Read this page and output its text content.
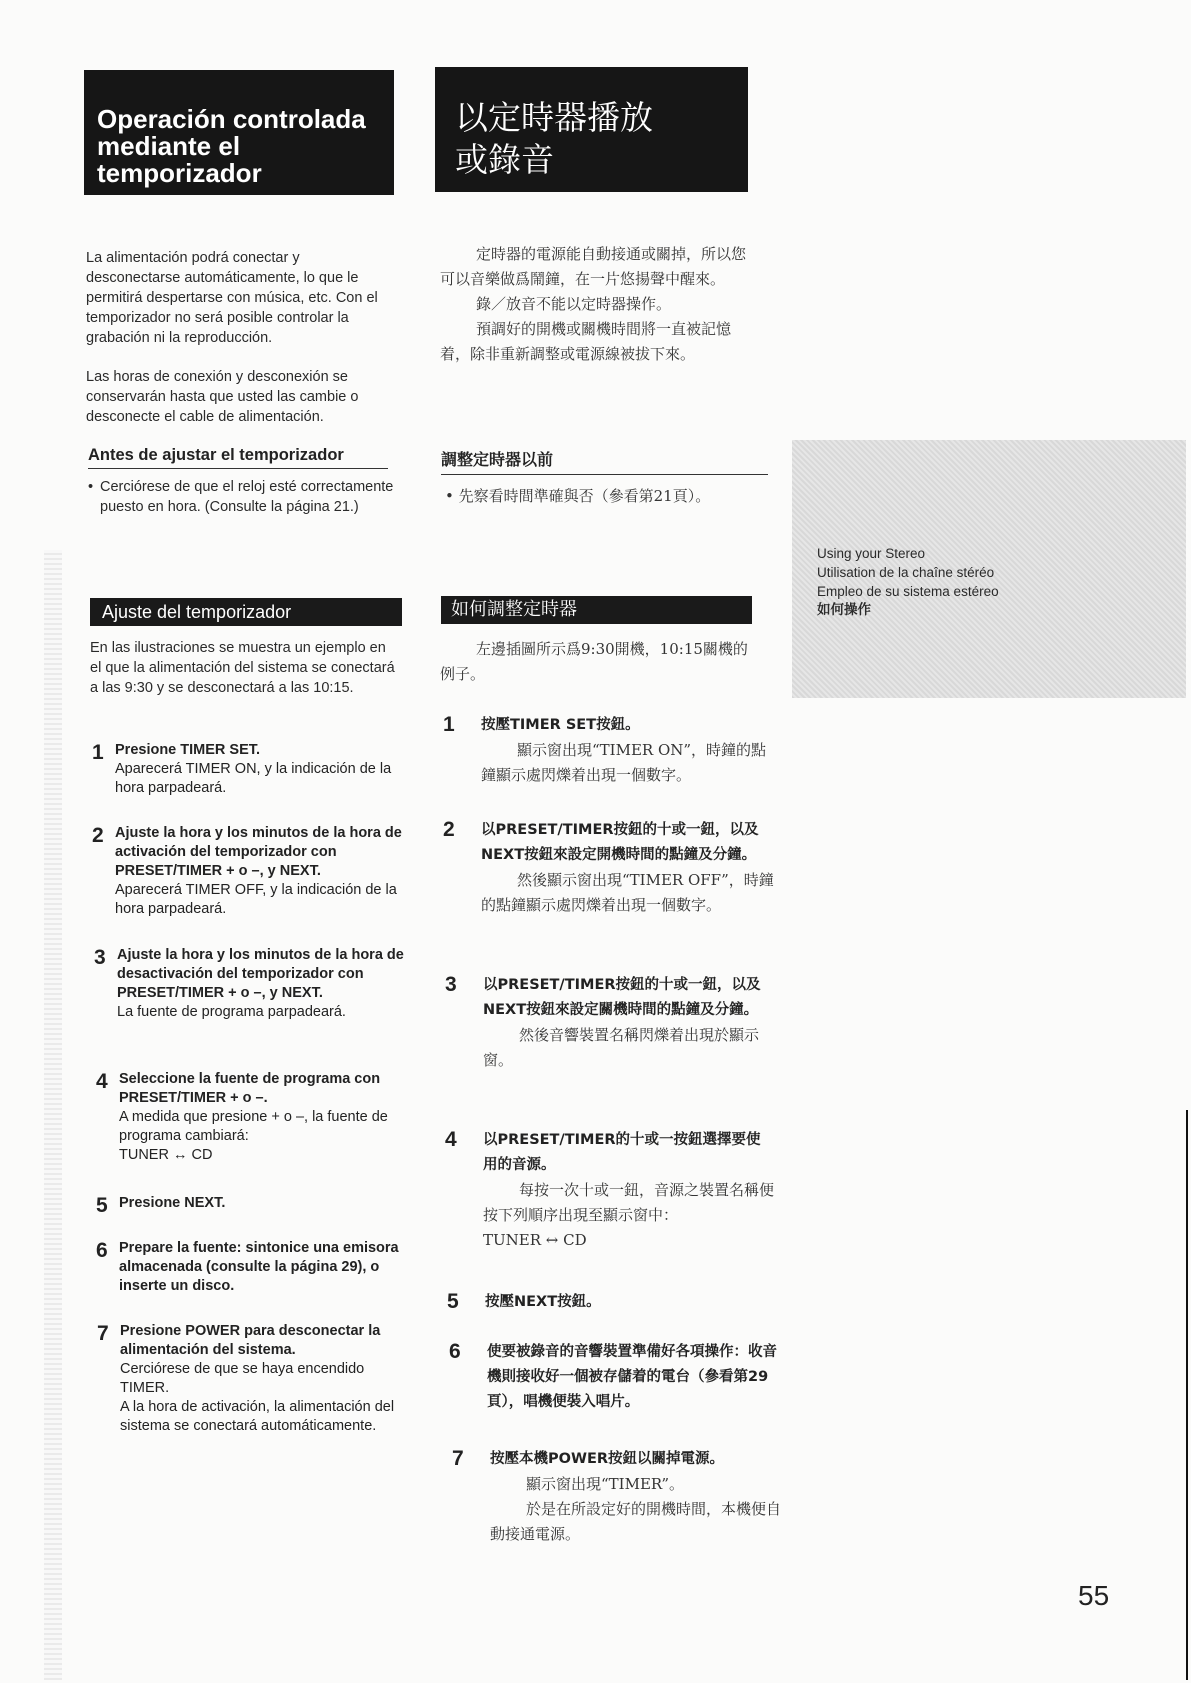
Operación controlada mediante el temporizador
以定時器播放
或錄音
La alimentación podrá conectar y desconectarse automáticamente, lo que le permitirá despertarse con música, etc. Con el temporizador no será posible controlar la grabación ni la reproducción.
Las horas de conexión y desconexión se conservarán hasta que usted las cambie o desconecte el cable de alimentación.
Antes de ajustar el temporizador
• Cerciórese de que el reloj esté correctamente puesto en hora. (Consulte la página 21.)
Ajuste del temporizador
En las ilustraciones se muestra un ejemplo en el que la alimentación del sistema se conectará a las 9:30 y se desconectará a las 10:15.
1 Presione TIMER SET.
Aparecerá TIMER ON, y la indicación de la hora parpadeará.
2 Ajuste la hora y los minutos de la hora de activación del temporizador con PRESET/TIMER + o –, y NEXT.
Aparecerá TIMER OFF, y la indicación de la hora parpadeará.
3 Ajuste la hora y los minutos de la hora de desactivación del temporizador con PRESET/TIMER + o –, y NEXT.
La fuente de programa parpadeará.
4 Seleccione la fuente de programa con PRESET/TIMER + o –.
A medida que presione + o –, la fuente de programa cambiará:
TUNER ↔ CD
5 Presione NEXT.
6 Prepare la fuente: sintonice una emisora almacenada (consulte la página 29), o inserte un disco.
7 Presione POWER para desconectar la alimentación del sistema.
Cerciórese de que se haya encendido TIMER.
A la hora de activación, la alimentación del sistema se conectará automáticamente.
定時器的電源能自動接通或關掉，所以您可以音樂做爲鬧鐘，在一片悠揚聲中醒來。
錄／放音不能以定時器操作。
預調好的開機或關機時間將一直被記憶着，除非重新調整或電源線被拔下來。
調整定時器以前
• 先察看時間準確與否（參看第21頁）。
如何調整定時器
左邊插圖所示爲9:30開機，10:15關機的例子。
1 按壓TIMER SET按鈕。
顯示窗出現“TIMER ON”，時鐘的點鐘顯示處閃爍着出現一個數字。
2 以PRESET/TIMER按鈕的十或一鈕，以及NEXT按鈕來設定開機時間的點鐘及分鐘。
然後顯示窗出現“TIMER OFF”，時鐘的點鐘顯示處閃爍着出現一個數字。
3 以PRESET/TIMER按鈕的十或一鈕，以及NEXT按鈕來設定關機時間的點鐘及分鐘。
然後音響裝置名稱閃爍着出現於顯示窗。
4 以PRESET/TIMER的十或一按鈕選擇要使用的音源。
每按一次十或一鈕，音源之裝置名稱便按下列順序出現至顯示窗中：
TUNER ↔ CD
5 按壓NEXT按鈕。
6 使要被錄音的音響裝置準備好各項操作：收音機則接收好一個被存儲着的電台（參看第29頁），唱機便裝入唱片。
7 按壓本機POWER按鈕以關掉電源。
顯示窗出現“TIMER”。
於是在所設定好的開機時間，本機便自動接通電源。
Using your Stereo
Utilisation de la chaîne stéréo
Empleo de su sistema estéreo
如何操作
55
